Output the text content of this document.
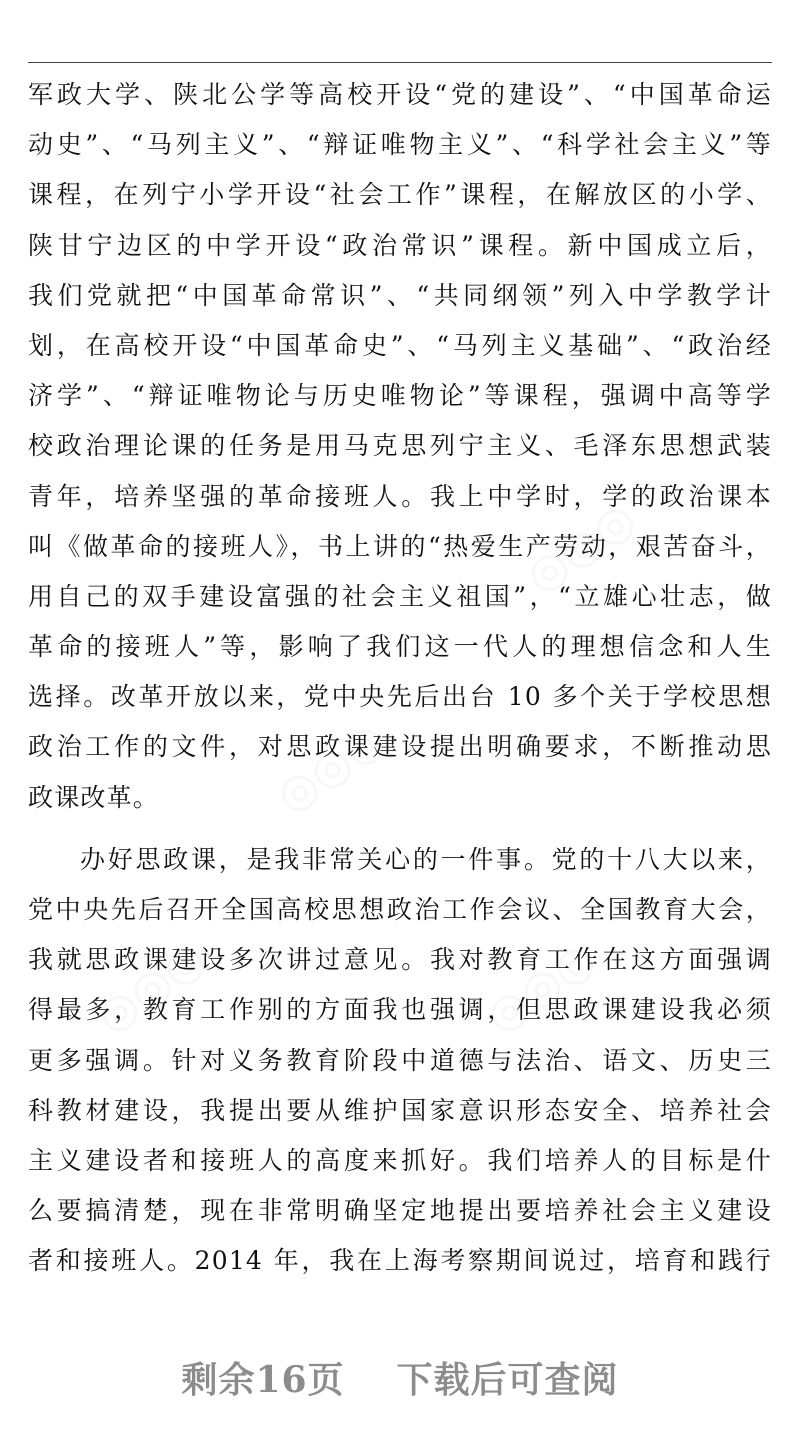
◎◎◎
◎◎◎
◎◎◎	◎◎◎
军政大学、陕北公学等高校开设“党的建设”、“中国革命运
动史”、“马列主义”、“辩证唯物主义”、“科学社会主义”等
课程，在列宁小学开设“社会工作”课程，在解放区的小学、
陕甘宁边区的中学开设“政治常识”课程。新中国成立后，
我们党就把“中国革命常识”、“共同纲领”列入中学教学计
划，在高校开设“中国革命史”、“马列主义基础”、“政治经
济学”、“辩证唯物论与历史唯物论”等课程，强调中高等学
校政治理论课的任务是用马克思列宁主义、毛泽东思想武装
青年，培养坚强的革命接班人。我上中学时，学的政治课本
叫《做革命的接班人》，书上讲的“热爱生产劳动，艰苦奋斗，
用自己的双手建设富强的社会主义祖国”，“立雄心壮志，做
革命的接班人”等，影响了我们这一代人的理想信念和人生
选择。改革开放以来，党中央先后出台 10 多个关于学校思想
政治工作的文件，对思政课建设提出明确要求，不断推动思
政课改革。
办好思政课，是我非常关心的一件事。党的十八大以来，
党中央先后召开全国高校思想政治工作会议、全国教育大会，
我就思政课建设多次讲过意见。我对教育工作在这方面强调
得最多，教育工作别的方面我也强调，但思政课建设我必须
更多强调。针对义务教育阶段中道德与法治、语文、历史三
科教材建设，我提出要从维护国家意识形态安全、培养社会
主义建设者和接班人的高度来抓好。我们培养人的目标是什
么要搞清楚，现在非常明确坚定地提出要培养社会主义建设
者和接班人。2014 年，我在上海考察期间说过，培育和践行
剩余16页 下载后可查阅
